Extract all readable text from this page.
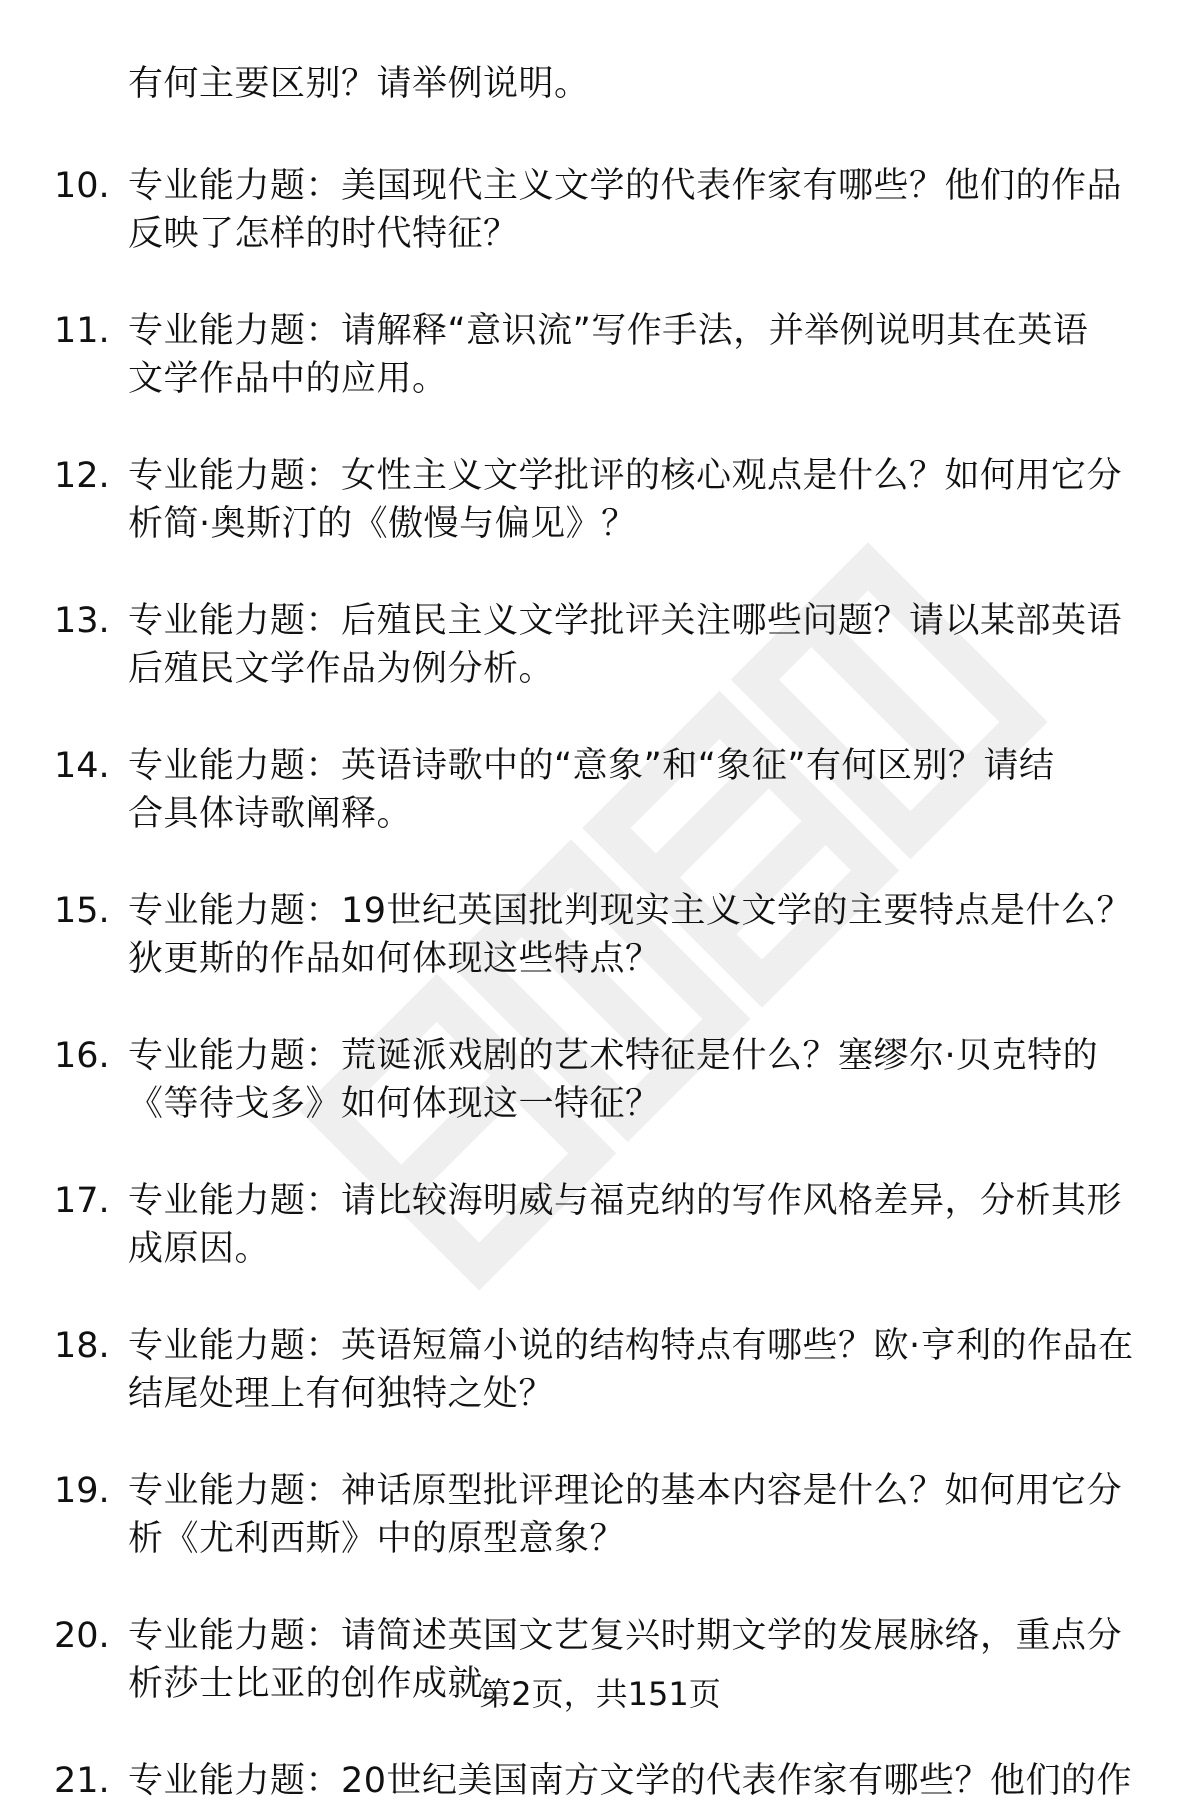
有何主要区别？请举例说明。
10. 专业能力题：美国现代主义文学的代表作家有哪些？他们的作品
反映了怎样的时代特征？
11. 专业能力题：请解释“意识流”写作手法，并举例说明其在英语
文学作品中的应用。
12. 专业能力题：女性主义文学批评的核心观点是什么？如何用它分
析简·奥斯汀的《傲慢与偏见》？
13. 专业能力题：后殖民主义文学批评关注哪些问题？请以某部英语
后殖民文学作品为例分析。
14. 专业能力题：英语诗歌中的“意象”和“象征”有何区别？请结
合具体诗歌阐释。
15. 专业能力题：19世纪英国批判现实主义文学的主要特点是什么？
狄更斯的作品如何体现这些特点？
16. 专业能力题：荒诞派戏剧的艺术特征是什么？塞缪尔·贝克特的
《等待戈多》如何体现这一特征？
17. 专业能力题：请比较海明威与福克纳的写作风格差异，分析其形
成原因。
18. 专业能力题：英语短篇小说的结构特点有哪些？欧·亨利的作品在
结尾处理上有何独特之处？
19. 专业能力题：神话原型批评理论的基本内容是什么？如何用它分
析《尤利西斯》中的原型意象？
20. 专业能力题：请简述英国文艺复兴时期文学的发展脉络，重点分
析莎士比亚的创作成就。
21. 专业能力题：20世纪美国南方文学的代表作家有哪些？他们的作
第2页，共151页
